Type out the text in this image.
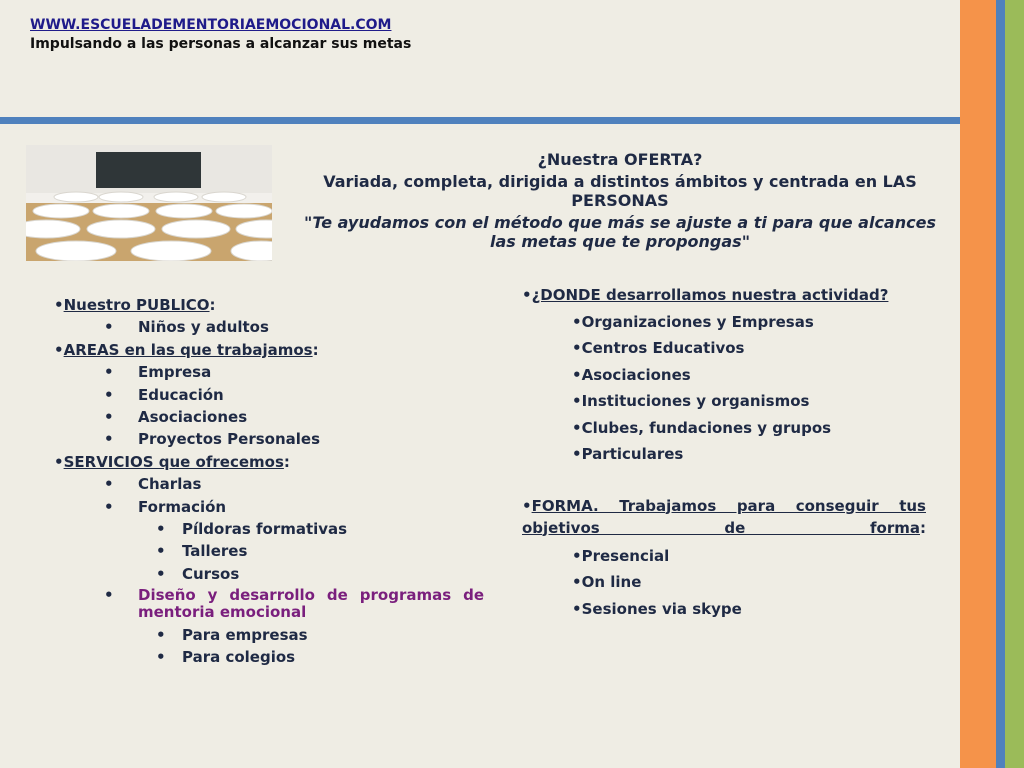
WWW.ESCUELADEMENTORIAEMOCIONAL.COM
Impulsando a las personas a alcanzar sus metas
¿Nuestra OFERTA?
Variada, completa, dirigida a distintos ámbitos y centrada en LAS PERSONAS
"Te ayudamos con el método que más se ajuste a ti para que alcances las metas que te propongas"
•Nuestro PUBLICO:
• Niños y adultos
•AREAS en las que trabajamos:
• Empresa
• Educación
• Asociaciones
• Proyectos Personales
•SERVICIOS que ofrecemos:
• Charlas
• Formación
• Píldoras formativas
• Talleres
• Cursos
• Diseño y desarrollo de programas de mentoria emocional
• Para empresas
• Para colegios
•¿DONDE desarrollamos nuestra actividad?
•Organizaciones y Empresas
•Centros Educativos
•Asociaciones
•Instituciones y organismos
•Clubes, fundaciones y grupos
•Particulares
•FORMA. Trabajamos para conseguir tus objetivos de forma:
•Presencial
•On line
•Sesiones via skype
